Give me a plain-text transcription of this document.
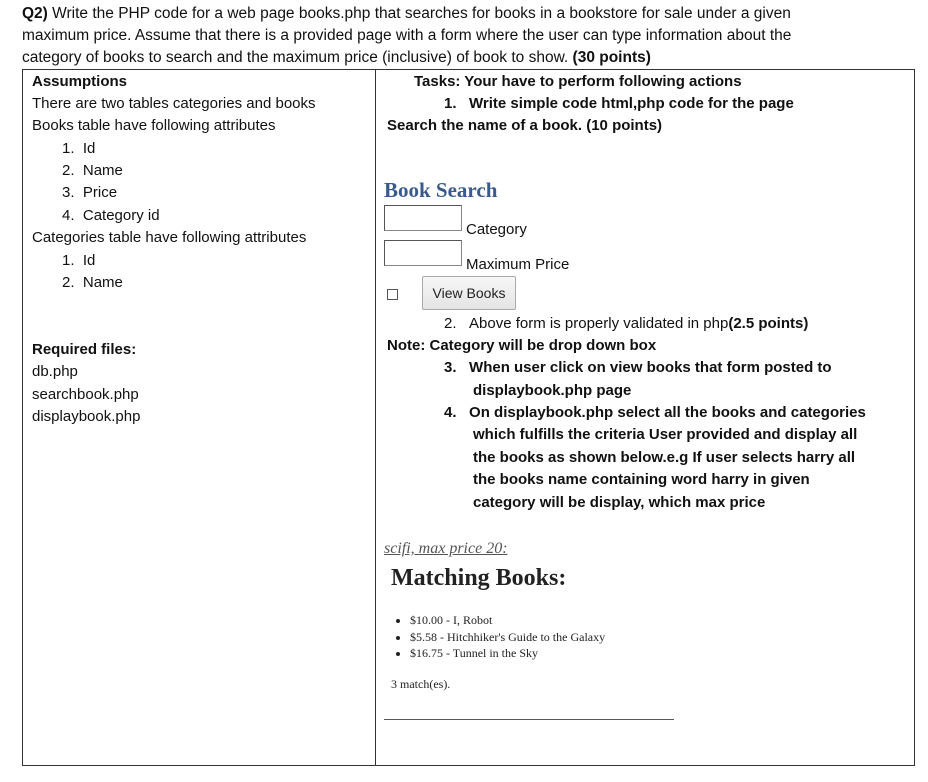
Q2) Write the PHP code for a web page books.php that searches for books in a bookstore for sale under a given
maximum price. Assume that there is a provided page with a form where the user can type information about the
category of books to search and the maximum price (inclusive) of book to show. (30 points)
Assumptions
There are two tables categories and books
Books table have following attributes
1. Id
2. Name
3. Price
4. Category id
Categories table have following attributes
1. Id
2. Name
Required files:
db.php
searchbook.php
displaybook.php
Tasks: Your have to perform following actions
1. Write simple code html,php code for the page
Search the name of a book. (10 points)
Book Search
Category
Maximum Price
View Books
2. Above form is properly validated in php(2.5 points)
Note: Category will be drop down box
3. When user click on view books that form posted to
displaybook.php page
4. On displaybook.php select all the books and categories
which fulfills the criteria User provided and display all
the books as shown below.e.g If user selects harry all
the books name containing word harry in given
category will be display, which max price
scifi, max price 20:
Matching Books:
• $10.00 - I, Robot
• $5.58 - Hitchhiker's Guide to the Galaxy
• $16.75 - Tunnel in the Sky
3 match(es).
